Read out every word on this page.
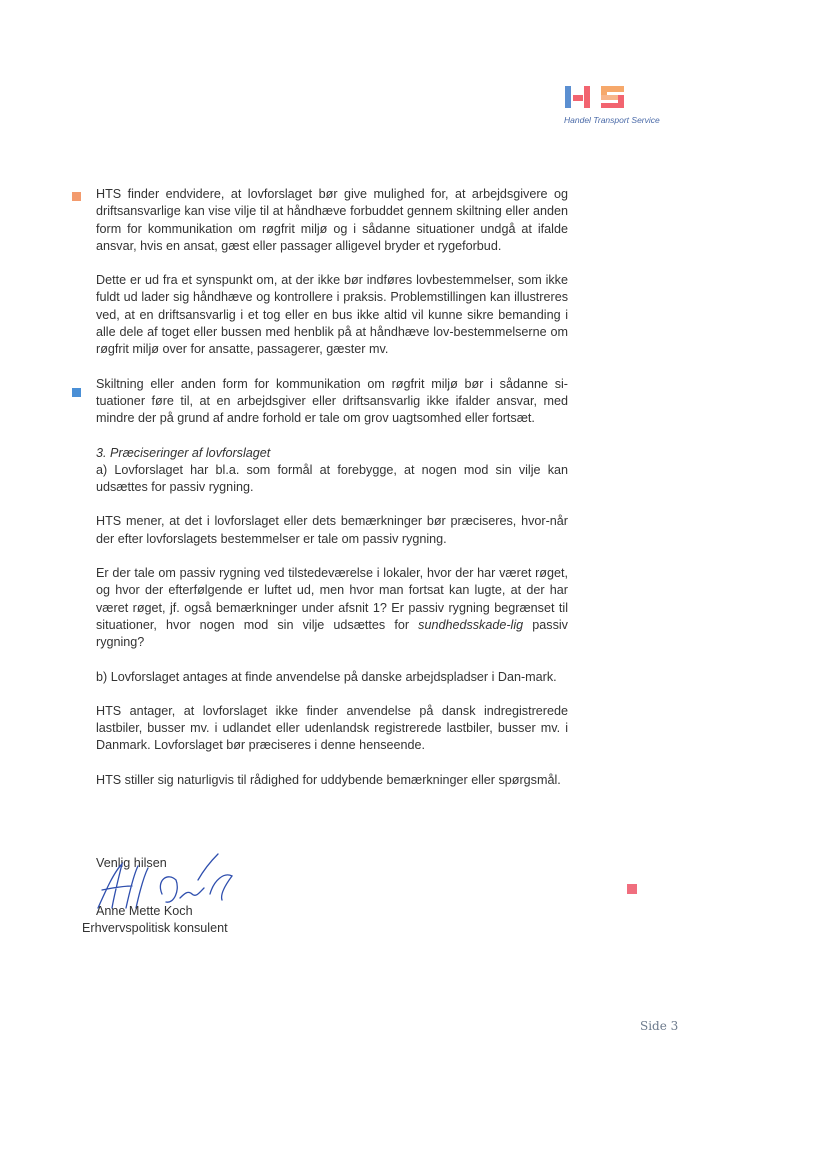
Handel Transport Service

HTS finder endvidere, at lovforslaget bør give mulighed for, at arbejdsgivere og driftsansvarlige kan vise vilje til at håndhæve forbuddet gennem skiltning eller anden form for kommunikation om røgfrit miljø og i sådanne situationer undgå at ifalde ansvar, hvis en ansat, gæst eller passager alligevel bryder et rygeforbud.

Dette er ud fra et synspunkt om, at der ikke bør indføres lovbestemmelser, som ikke fuldt ud lader sig håndhæve og kontrollere i praksis. Problemstillingen kan illustreres ved, at en driftsansvarlig i et tog eller en bus ikke altid vil kunne sikre bemanding i alle dele af toget eller bussen med henblik på at håndhæve lov-bestemmelserne om røgfrit miljø over for ansatte, passagerer, gæster mv.

Skiltning eller anden form for kommunikation om røgfrit miljø bør i sådanne si-tuationer føre til, at en arbejdsgiver eller driftsansvarlig ikke ifalder ansvar, med mindre der på grund af andre forhold er tale om grov uagtsomhed eller fortsæt.

3. Præciseringer af lovforslaget

a) Lovforslaget har bl.a. som formål at forebygge, at nogen mod sin vilje kan udsættes for passiv rygning.

HTS mener, at det i lovforslaget eller dets bemærkninger bør præciseres, hvor-når der efter lovforslagets bestemmelser er tale om passiv rygning.

Er der tale om passiv rygning ved tilstedeværelse i lokaler, hvor der har været røget, og hvor der efterfølgende er luftet ud, men hvor man fortsat kan lugte, at der har været røget, jf. også bemærkninger under afsnit 1? Er passiv rygning begrænset til situationer, hvor nogen mod sin vilje udsættes for sundhedsskade-lig passiv rygning?

b) Lovforslaget antages at finde anvendelse på danske arbejdspladser i Dan-mark.

HTS antager, at lovforslaget ikke finder anvendelse på dansk indregistrerede lastbiler, busser mv. i udlandet eller udenlandsk registrerede lastbiler, busser mv. i Danmark. Lovforslaget bør præciseres i denne henseende.

HTS stiller sig naturligvis til rådighed for uddybende bemærkninger eller spørgsmål.

Venlig hilsen
Anne Mette Koch
Erhvervspolitisk konsulent
Side 3
